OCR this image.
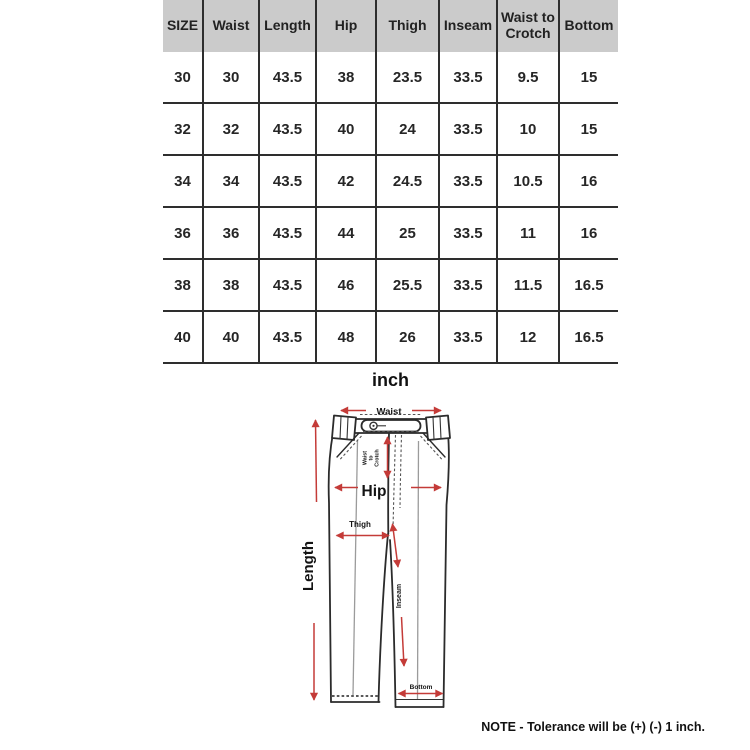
SIZE	Waist	Length	Hip	Thigh	Inseam	Waist to Crotch	Bottom
30	30	43.5	38	23.5	33.5	9.5	15
32	32	43.5	40	24	33.5	10	15
34	34	43.5	42	24.5	33.5	10.5	16
36	36	43.5	44	25	33.5	11	16
38	38	43.5	46	25.5	33.5	11.5	16.5
40	40	43.5	48	26	33.5	12	16.5
inch
Waist
Waist to Crotch
Hip
Thigh
Length
Inseam
Bottom
NOTE - Tolerance will be (+) (-) 1 inch.
